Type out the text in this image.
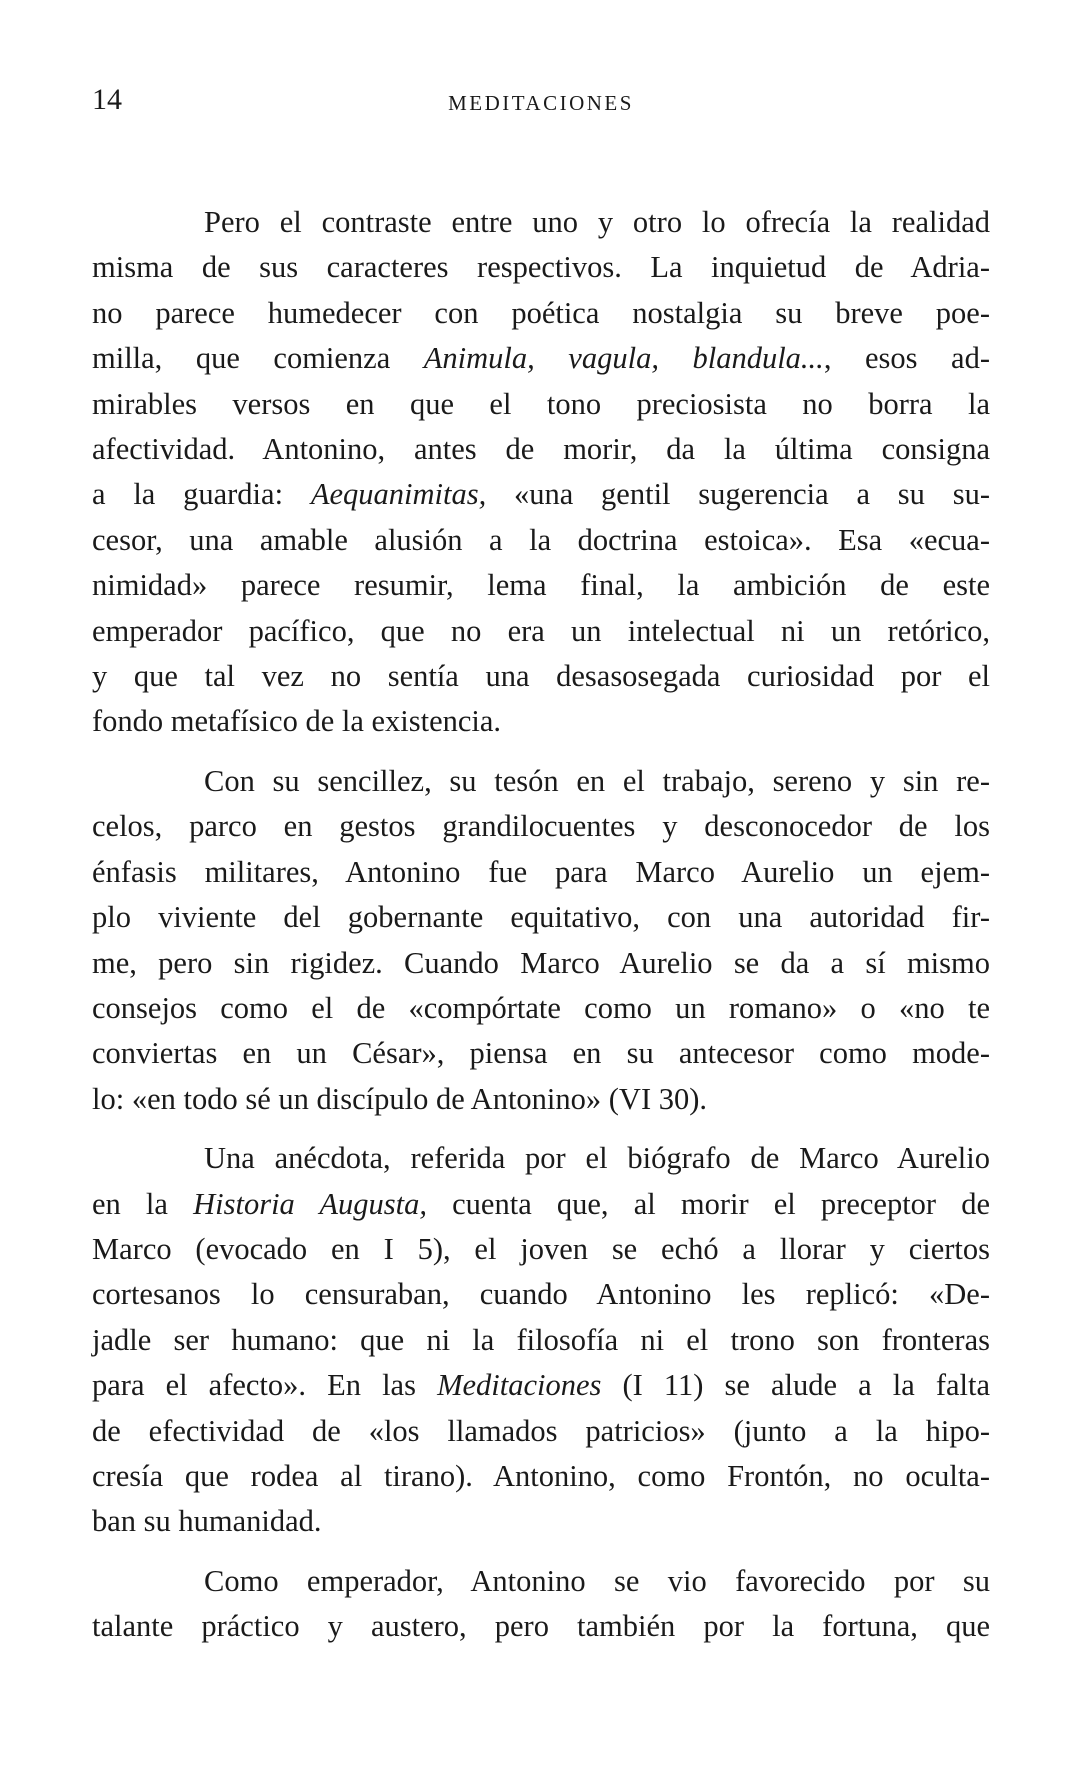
14	MEDITACIONES

Pero el contraste entre uno y otro lo ofrecía la realidad
misma de sus caracteres respectivos. La inquietud de Adria-
no parece humedecer con poética nostalgia su breve poe-
milla, que comienza Animula, vagula, blandula..., esos ad-
mirables versos en que el tono preciosista no borra la
afectividad. Antonino, antes de morir, da la última consigna
a la guardia: Aequanimitas, «una gentil sugerencia a su su-
cesor, una amable alusión a la doctrina estoica». Esa «ecua-
nimidad» parece resumir, lema final, la ambición de este
emperador pacífico, que no era un intelectual ni un retórico,
y que tal vez no sentía una desasosegada curiosidad por el
fondo metafísico de la existencia.

Con su sencillez, su tesón en el trabajo, sereno y sin re-
celos, parco en gestos grandilocuentes y desconocedor de los
énfasis militares, Antonino fue para Marco Aurelio un ejem-
plo viviente del gobernante equitativo, con una autoridad fir-
me, pero sin rigidez. Cuando Marco Aurelio se da a sí mismo
consejos como el de «compórtate como un romano» o «no te
conviertas en un César», piensa en su antecesor como mode-
lo: «en todo sé un discípulo de Antonino» (VI 30).

Una anécdota, referida por el biógrafo de Marco Aurelio
en la Historia Augusta, cuenta que, al morir el preceptor de
Marco (evocado en I 5), el joven se echó a llorar y ciertos
cortesanos lo censuraban, cuando Antonino les replicó: «De-
jadle ser humano: que ni la filosofía ni el trono son fronteras
para el afecto». En las Meditaciones (I 11) se alude a la falta
de efectividad de «los llamados patricios» (junto a la hipo-
cresía que rodea al tirano). Antonino, como Frontón, no oculta-
ban su humanidad.

Como emperador, Antonino se vio favorecido por su
talante práctico y austero, pero también por la fortuna, que
